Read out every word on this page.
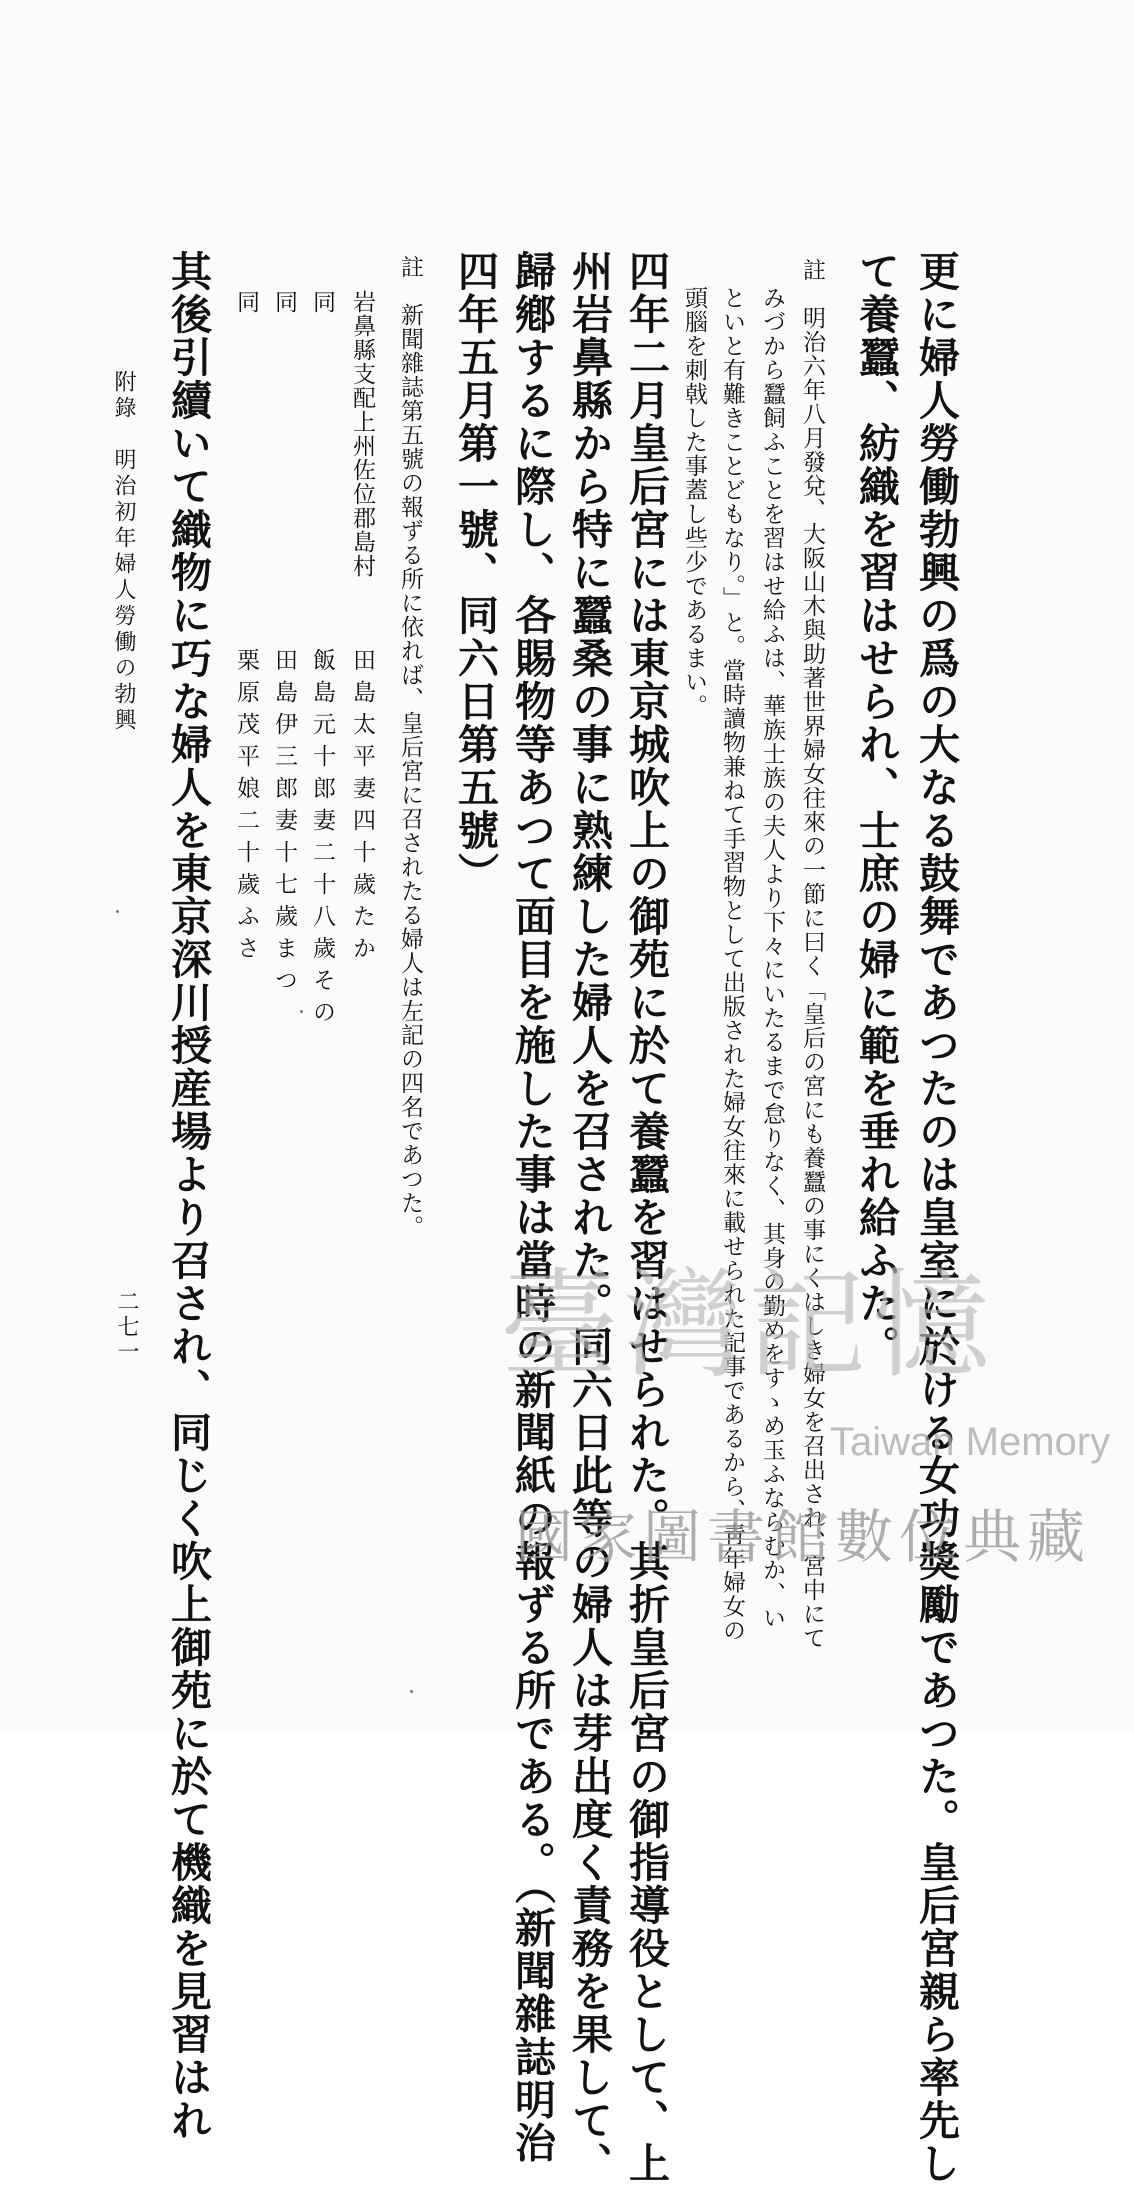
更に婦人勞働勃興の爲の大なる鼓舞であつたのは皇室に於ける女功獎勵であつた。皇后宮親ら率先し
て養蠶、紡織を習はせられ、士庶の婦に範を垂れ給ふた。
註　明治六年八月發兌、大阪山木與助著世界婦女往來の一節に曰く「皇后の宮にも養蠶の事にくはしき婦女を召出され、宮中にて
みづから蠶飼ふことを習はせ給ふは、華族士族の夫人より下々にいたるまで怠りなく、其身の勤めをすゝめ玉ふならむか、い
といと有難きことどもなり。」と。當時讀物兼ねて手習物として出版された婦女往來に載せられた記事であるから、靑年婦女の
頭腦を刺戟した事蓋し些少であるまい。
四年二月皇后宮には東京城吹上の御苑に於て養蠶を習はせられた。其折皇后宮の御指導役として、上
州岩鼻縣から特に蠶桑の事に熟練した婦人を召された。同六日此等の婦人は芽出度く責務を果して、
歸鄕するに際し、各賜物等あつて面目を施した事は當時の新聞紙の報ずる所である。（新聞雜誌明治
四年五月第一號、同六日第五號）
註　新聞雜誌第五號の報ずる所に依れば、皇后宮に召されたる婦人は左記の四名であつた。
岩鼻縣支配上州佐位郡島村
田島太平妻四十歲たか
同
飯島元十郎妻二十八歲その
同
田島伊三郎妻十七歲まつ
同
栗原茂平娘二十歲ふさ
其後引續いて織物に巧な婦人を東京深川授産場より召され、同じく吹上御苑に於て機織を見習はれ
附錄　明治初年婦人勞働の勃興
二七一	臺灣記憶
Taiwan Memory
國家圖書館數位典藏
